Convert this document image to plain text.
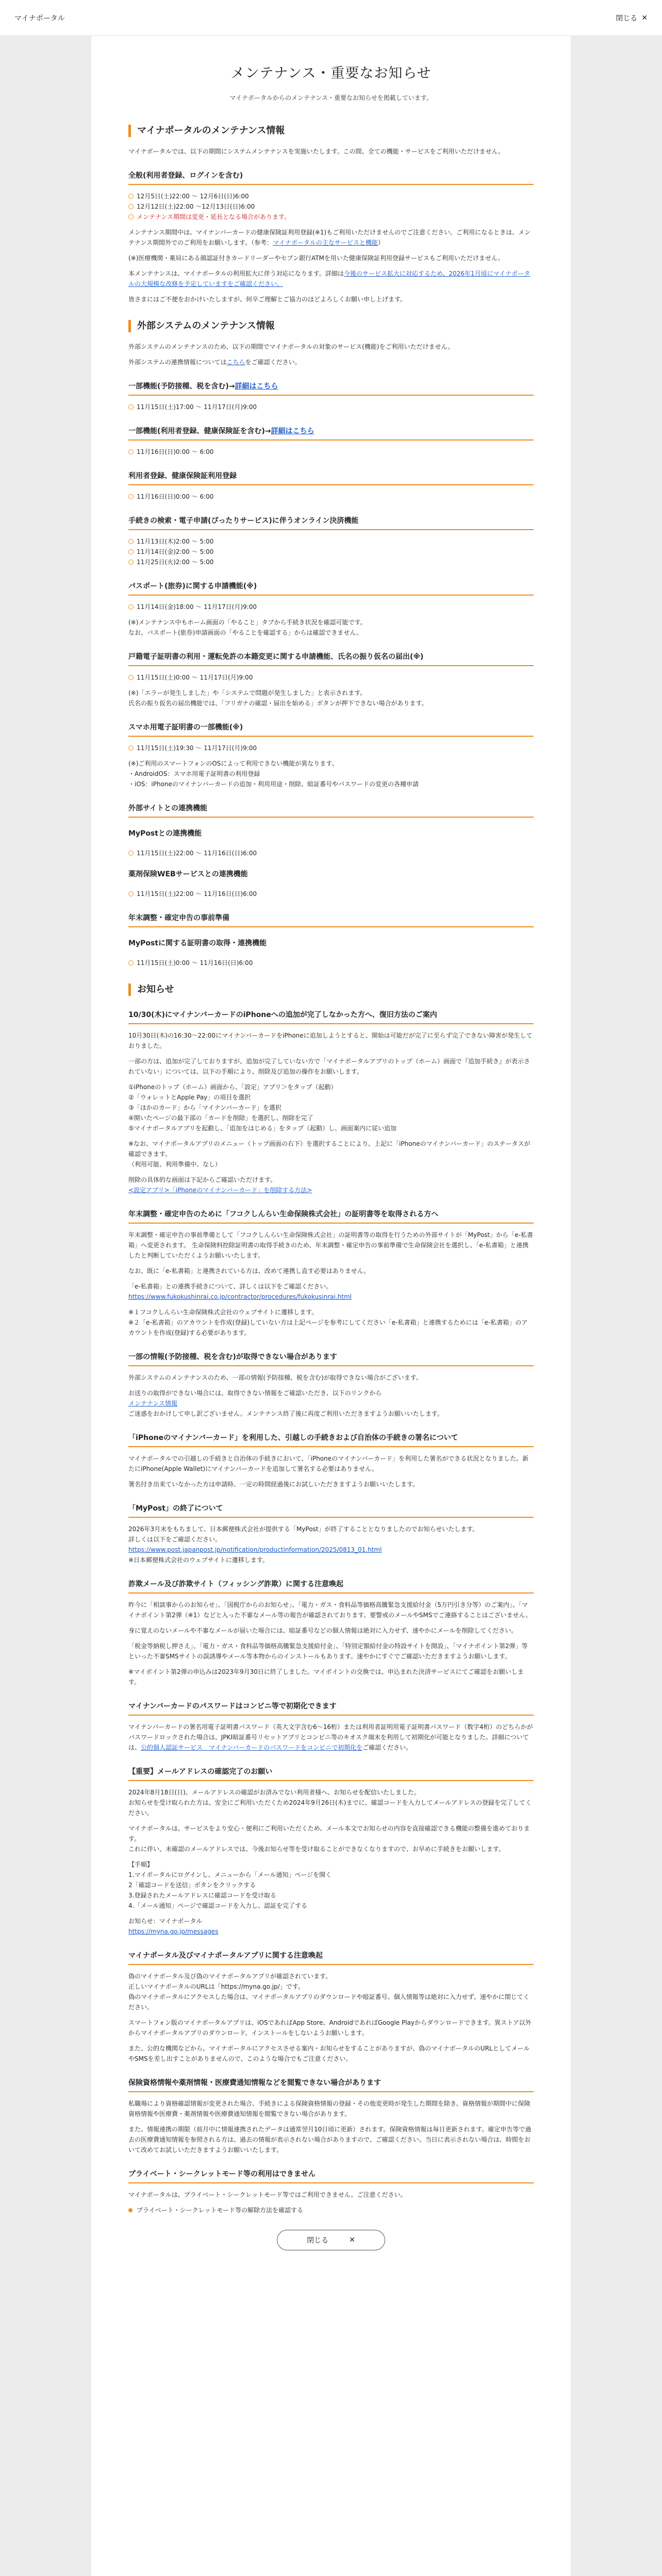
マイナポータル	閉じる ✕
メンテナンス・重要なお知らせ
マイナポータルからのメンテナンス・重要なお知らせを掲載しています。
マイナポータルのメンテナンス情報

マイナポータルでは、以下の期間にシステムメンテナンスを実施いたします。この間、全ての機能・サービスをご利用いただけません。

全般(利用者登録、ログインを含む)
12月5日(土)22:00 ～ 12月6日(日)6:00
12月12日(土)22:00 ～12月13日(日)6:00
メンテナンス期間は変更・延長となる場合があります。

メンテナンス期間中は、マイナンバーカードの健康保険証利用登録(※1)もご利用いただけませんのでご注意ください。ご利用になるときは、メンテナンス期間外でのご利用をお願いします。（参考：マイナポータルの主なサービスと機能）

(※)医療機関・薬局にある顔認証付きカードリーダーやセブン銀行ATMを用いた健康保険証利用登録サービスもご利用いただけません。

本メンテナンスは、マイナポータルの利用拡大に伴う対応になります。詳細は今後のサービス拡大に対応するため、2026年1月頃にマイナポータルの大規模な改修を予定していますをご確認ください。

皆さまにはご不便をおかけいたしますが、何卒ご理解とご協力のほどよろしくお願い申し上げます。

外部システムのメンテナンス情報

外部システムのメンテナンスのため、以下の期間でマイナポータルの対象のサービス(機能)をご利用いただけません。

外部システムの連携情報についてはこちらをご確認ください。

一部機能(予防接種、税を含む)→詳細はこちら
11月15日(土)17:00 ～ 11月17日(月)9:00
一部機能(利用者登録、健康保険証を含む)→詳細はこちら
11月16日(日)0:00 ～ 6:00
利用者登録、健康保険証利用登録
11月16日(日)0:00 ～ 6:00
手続きの検索・電子申請(ぴったりサービス)に伴うオンライン決済機能
11月13日(木)2:00 ～ 5:00
11月14日(金)2:00 ～ 5:00
11月25日(火)2:00 ～ 5:00
パスポート(旅券)に関する申請機能(※)
11月14日(金)18:00 ～ 11月17日(月)9:00

(※)メンテナンス中もホーム画面の「やること」タブから手続き状況を確認可能です。
なお、パスポート(旅券)申請画面の「やることを確認する」からは確認できません。

戸籍電子証明書の利用・運転免許の本籍変更に関する申請機能、氏名の振り仮名の届出(※)
11月15日(土)0:00 ～ 11月17日(月)9:00

(※)「エラーが発生しました」や「システムで問題が発生しました」と表示されます。
氏名の振り仮名の届出機能では、「フリガナの確認・届出を始める」ボタンが押下できない場合があります。

スマホ用電子証明書の一部機能(※)
11月15日(土)19:30 ～ 11月17日(月)9:00

(※)ご利用のスマートフォンのOSによって利用できない機能が異なります。
・AndroidOS：スマホ用電子証明書の利用登録
・iOS：iPhoneのマイナンバーカードの追加・利用用途・削除、暗証番号やパスワードの変更の各種申請

外部サイトとの連携機能
MyPostとの連携機能
11月15日(土)22:00 ～ 11月16日(日)6:00
薬剤保険WEBサービスとの連携機能
11月15日(土)22:00 ～ 11月16日(日)6:00
年末調整・確定申告の事前準備
MyPostに関する証明書の取得・連携機能
11月15日(土)0:00 ～ 11月16日(日)6:00
お知らせ
10/30(木)にマイナンバーカードのiPhoneへの追加が完了しなかった方へ、復旧方法のご案内

10月30日(木)の16:30～22:00にマイナンバーカードをiPhoneに追加しようとすると、開始は可能だが完了に至らず完了できない障害が発生しておりました。

一部の方は、追加が完了しておりますが、追加が完了していない方で「マイナポータルアプリのトップ（ホーム）画面で『追加手続き』が表示されていない」については、以下の手順により、削除及び追加の操作をお願いします。

①iPhoneのトップ（ホーム）画面から、「設定」アプリ＞をタップ（起動）
②「ウォレットとApple Pay」の項目を選択
③「ほかのカード」から「マイナンバーカード」を選択
④開いたページの最下部の「カードを削除」を選択し、削除を完了
⑤マイナポータルアプリを起動し、「追加をはじめる」をタップ（起動）し、画面案内に従い追加

※なお、マイナポータルアプリのメニュー（トップ画面の右下）を選択することにより、上記に「iPhoneのマイナンバーカード」のステータスが確認できます。
（利用可能、利用準備中、なし）

削除の具体的な画面は下記からご確認いただけます。
<設定アプリ>「iPhoneのマイナンバーカード」を削除する方法>

年末調整・確定申告のために「フコクしんらい生命保険株式会社」の証明書等を取得される方へ

年末調整・確定申告の事前準備として「フコクしんらい生命保険株式会社」の証明書等の取得を行うための外部サイトが「MyPost」から「e-私書箱」へ変更されます。 生命保険料控除証明書の取得手続きのため、年末調整・確定申告の事前準備で生命保険会社を選択し、「e-私書箱」と連携したと判断していただくようお願いいたします。

なお、既に「e-私書箱」と連携されている方は、改めて連携し直す必要はありません。

「e-私書箱」との連携手続きについて、詳しくは以下をご確認ください。
https://www.fukokushinrai.co.jp/contractor/procedures/fukokusinrai.html

※１フコクしんらい生命保険株式会社のウェブサイトに遷移します。
※２「e-私書箱」のアカウントを作成(登録)していない方は上記ページを参考にしてください「e-私書箱」と連携するためには「e-私書箱」のアカウントを作成(登録)する必要があります。

一部の情報(予防接種、税を含む)が取得できない場合があります

外部システムのメンテナンスのため、一部の情報(予防接種、税を含む)が取得できない場合がございます。

お送りの取得ができない場合には、取得できない情報をご確認いただき、以下のリンクから
メンテナンス情報
ご迷惑をおかけして申し訳ございません。メンテナンス終了後に再度ご利用いただきますようお願いいたします。

「iPhoneのマイナンバーカード」を利用した、引越しの手続きおよび自治体の手続きの署名について

マイナポータルでの引越しの手続きと自治体の手続きにおいて、「iPhoneのマイナンバーカード」を利用した署名ができる状況となりました。新たにiPhone(Apple Wallet)にマイナンバーカードを追加して署名する必要はありません。

署名付き出来ていなかった方は申請時、一定の時間経過後にお試しいただきますようお願いいたします。

「MyPost」の終了について

2026年3月末をもちまして、日本郵便株式会社が提供する「MyPost」が終了することとなりましたのでお知らせいたします。
詳しくは以下をご確認ください。
https://www.post.japanpost.jp/notification/productinformation/2025/0813_01.html
※日本郵便株式会社のウェブサイトに遷移します。

詐欺メール及び詐欺サイト（フィッシング詐欺）に関する注意喚起

昨今に「相談事からのお知らせ」、「国税庁からのお知らせ」、「電力・ガス・食料品等価格高騰緊急支援給付金（5万円引き分等）のご案内」、「マイナポイント第2弾（※1）などと入った不審なメール等の報告が確認されております。要警戒のメールやSMSでご連絡することはございません。

身に覚えのないメールや不審なメールが届いた場合には、暗証番号などの個人情報は絶対に入力せず、速やかにメールを削除してください。

「税金等納税し押さえ」、「電力・ガス・食料品等価格高騰緊急支援給付金」、「特別定額給付金の特設サイトを開設」、「マイナポイント第2弾」等といった不審SMSサイトの誤誘導やメール等本物からのインストールもあります。速やかにすぐでご確認いただきますようお願いします。

※マイポイント第2弾の申込みは2023年9月30日に終了しました。マイポイントの交換では、申込まれた決済サービスにてご確認をお願いします。

マイナンバーカードのパスワードはコンビニ等で初期化できます

マイナンバーカードの署名用電子証明書パスワード（英大文字含む6～16桁）または利用者証明用電子証明書パスワード（数字4桁）のどちらかがパスワードロックされた場合は、JPKI暗証番号リセットアプリとコンビニ等のキオスク端末を利用して初期化が可能となりました。詳細については、公的個人認証サービス　マイナンバーカードのパスワードをコンビニで初期化をご確認ください。

【重要】メールアドレスの確認完了のお願い

2024年8月18日(日)、メールアドレスの確認がお済みでない利用者様へ、お知らせを配信いたしました。
お知らせを受け取られた方は、安全にご利用いただくため2024年9月26日(木)までに、確認コードを入力してメールアドレスの登録を完了してください。

マイナポータルは、サービスをより安心・便利にご利用いただくため、メール本文でお知らせの内容を直接確認できる機能の整備を進めております。
これに伴い、未確認のメールアドレスでは、今後お知らせ等を受け取ることができなくなりますので、お早めに手続きをお願いします。

【手順】
1.マイポータルにログインし、メニューから「メール通知」ページを開く
2「確認コードを送信」ボタンをクリックする
3.登録されたメールアドレスに確認コードを受け取る
4.「メール通知」ページで確認コードを入力し、認証を完了する

お知らせ：マイナポータル
https://myna.go.jp/messages

マイナポータル及びマイナポータルアプリに関する注意喚起

偽のマイナポータル及び偽のマイナポータルアプリが確認されています。
正しいマイナポータルのURLは「https://myna.go.jp/」です。
偽のマイナポータルにアクセスした場合は、マイナポータルアプリのダウンロードや暗証番号、個人情報等は絶対に入力せず、速やかに閉じてください。

スマートフォン版のマイナポータルアプリは、iOSであればApp Store、AndroidであればGoogle Playからダウンロードできます。異ストア以外からマイナポータルアプリのダウンロード、インストールをしないようお願いします。

また、公的な機関などから、マイナポータルにアクセスさせる案内・お知らせをすることがありますが、偽のマイナポータルのURLとしてメールやSMSを差し出すことがありませんので、このような場合でもご注意ください。

保険資格情報や薬剤情報・医療費通知情報などを閲覧できない場合があります

私職場により資格確認情報が変更された場合、手続きによる保険資格情報の登録・その他変更時が発生した期間を除き、資格情報が期間中に保険資格情報や医療費・薬剤情報や医療費通知情報を閲覧できない場合があります。

また、情報連携の期限（前月中に情報連携されたデータは通常翌月10日頃に更新）されます。保険資格情報は毎日更新されます。確定申告等で過去の医療費通知情報を参照される方は、過去の情報が表示されない場合がありますので、ご確認ください。当日に表示されない場合は、時間をおいて改めてお試しいただきますようお願いいたします。

プライベート・シークレットモード等の利用はできません

マイナポータルは、プライベート・シークレットモード等ではご利用できません。ご注意ください。

プライベート・シークレットモード等の解除方法を確認する
閉じる	✕
